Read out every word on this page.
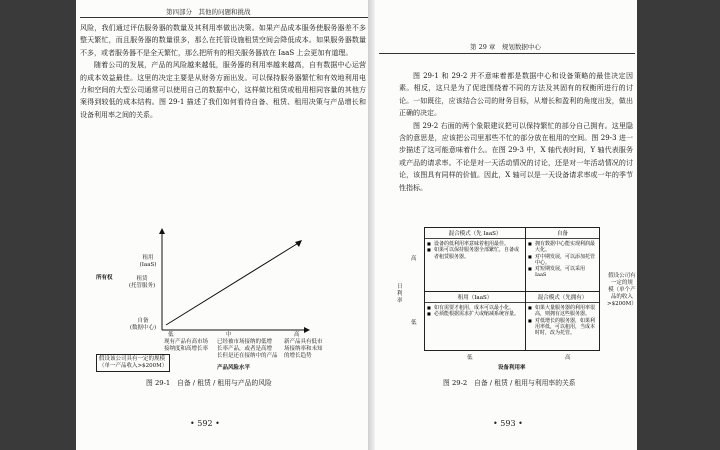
第四部分　其他的问题和挑战

风险，我们通过评估服务器的数量及其利用率做出决策。如果产品成本服务使服务器差不多整天繁忙，而且服务器的数量很多，那么在托管设施租赁空间会降低成本。如果服务器数量不多，或者服务器不是全天繁忙，那么把所有的相关服务器放在 IaaS 上会更加有道理。

随着公司的发展，产品的风险越来越低，服务器的利用率越来越高，自有数据中心运营的成本效益最佳。这里的决定主要是从财务方面出发。可以保持服务器繁忙和有效地利用电力和空间的大型公司通常可以使用自己的数据中心，这样做比租赁或租用相同容量的其他方案得到较低的成本结构。图 29-1 描述了我们如何看待自备、租赁、租用决策与产品增长和设备利用率之间的关系。

租用
(IaaS)
所有权	租赁
(托管服务)
自备
(数据中心)
低	中	高
现有产品有高市场
接纳度和高增长率
已经被市场接纳的低增
长率产品，或者是高增
长但是还在接纳中的产品
新产品具有低市
场接纳率和未知
的增长趋势
假设该公司具有一定的规模
（单一产品收入>$200M）	产品风险水平
图 29-1　自备 / 租赁 / 租用与产品的风险
• 592 •
第 29 章　规划数据中心

图 29-1 和 29-2 并不意味着都是数据中心和设备策略的最佳决定因素。相反，这只是为了促进围绕着不同的方法及其固有的权衡所进行的讨论。一如既往，应该结合公司的财务目标，从增长和盈利的角度出发，做出正确的决定。

图 29-2 右面的两个象限建议把可以保持繁忙的部分自己拥有。这里隐含的意思是，应该把公司里那些不忙的部分放在租用的空间。图 29-3 进一步描述了这可能意味着什么。在图 29-3 中，X 轴代表时间，Y 轴代表服务或产品的请求率。不论是对一天活动情况的讨论，还是对一年活动情况的讨论，该图具有同样的价值。因此，X 轴可以是一天设备请求率或一年的季节性指标。

日
利
率
高
低
混合模式（先 IaaS）
■ 设备的低利用率意味着租用最佳。
■ 如果可以保持服务器全部繁忙，自备或者租赁服务器。
自备
■ 拥有数据中心能实现利润最大化。
■ 对中期发展，可以添加托管中心。
■ 对短期发展，可以采用 IaaS
租用（IaaS）
■ 如有需要才租用，成本可以最小化。
■ 必须能根据需求扩大或缩减系统容量。
混合模式（先拥有）
■ 如果大量服务器的利用率很高，则拥有这些服务器。
■ 对低增长的服务器，如果利用率低，可以租用，当成本时时，改为托管。
假设公司有
一定的规
模（单个产
品的收入
>$200M）
低	高
设备利用率
图 29-2　自备 / 租赁 / 租用与利用率的关系
• 593 •
